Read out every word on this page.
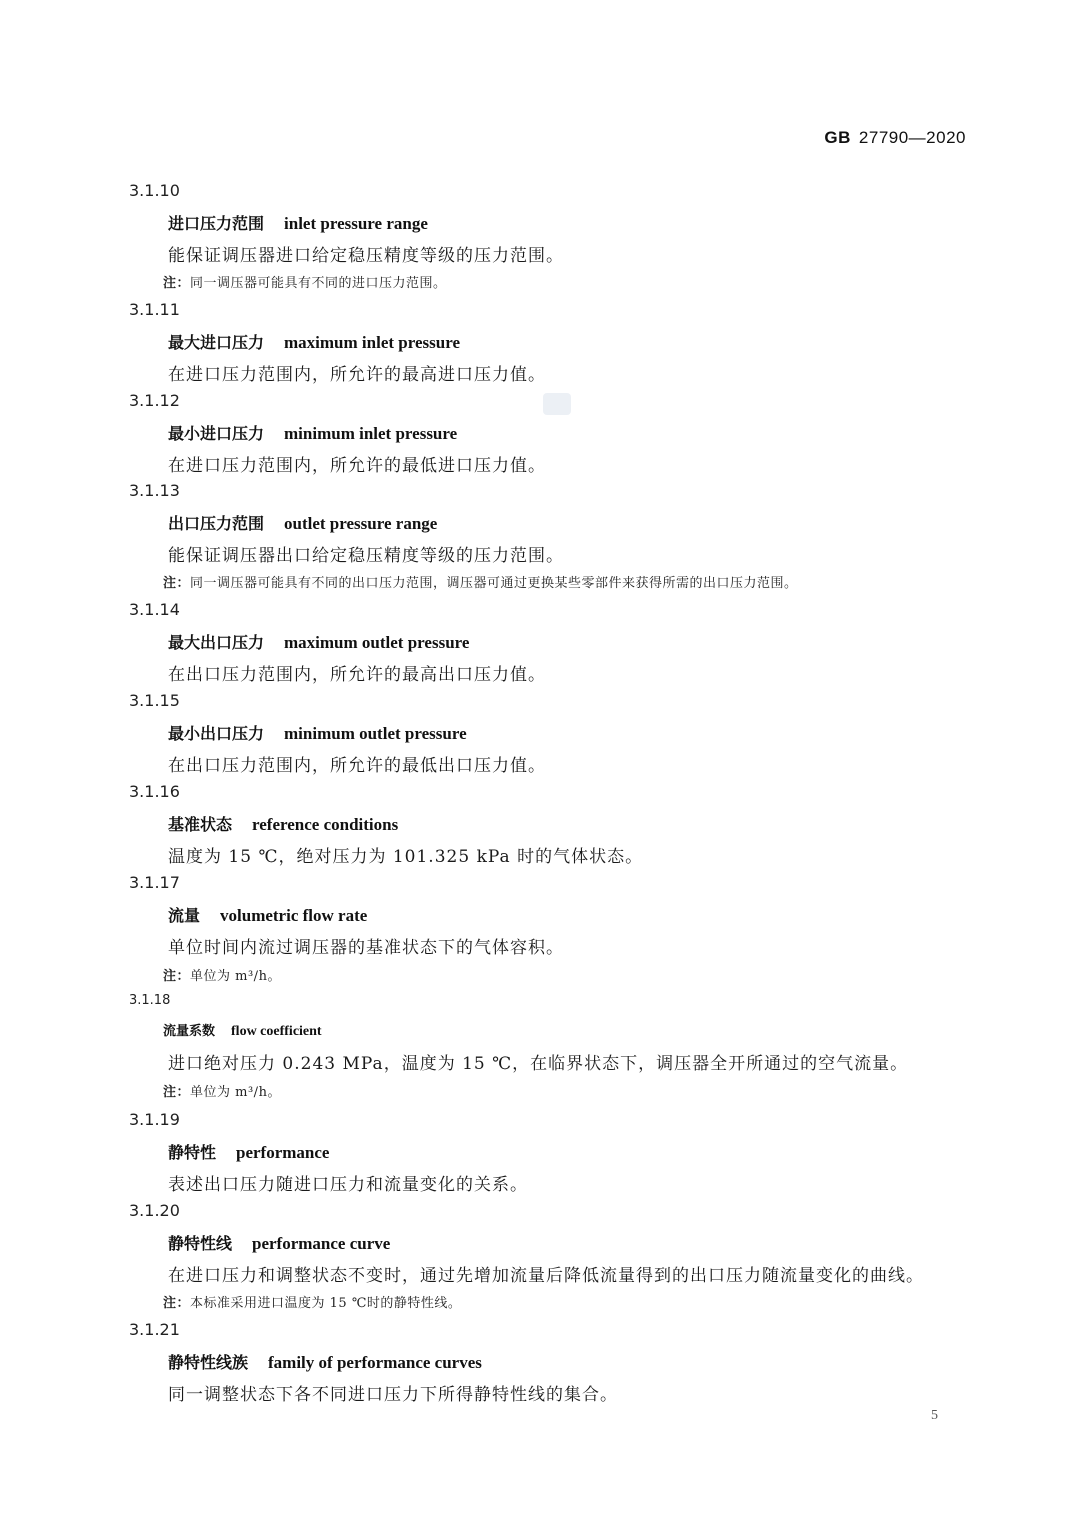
GB 27790—2020
3.1.10
进口压力范围 inlet pressure range
能保证调压器进口给定稳压精度等级的压力范围。
注：同一调压器可能具有不同的进口压力范围。
3.1.11
最大进口压力 maximum inlet pressure
在进口压力范围内，所允许的最高进口压力值。
3.1.12
最小进口压力 minimum inlet pressure
在进口压力范围内，所允许的最低进口压力值。
3.1.13
出口压力范围 outlet pressure range
能保证调压器出口给定稳压精度等级的压力范围。
注：同一调压器可能具有不同的出口压力范围，调压器可通过更换某些零部件来获得所需的出口压力范围。
3.1.14
最大出口压力 maximum outlet pressure
在出口压力范围内，所允许的最高出口压力值。
3.1.15
最小出口压力 minimum outlet pressure
在出口压力范围内，所允许的最低出口压力值。
3.1.16
基准状态 reference conditions
温度为 15 ℃，绝对压力为 101.325 kPa 时的气体状态。
3.1.17
流量 volumetric flow rate
单位时间内流过调压器的基准状态下的气体容积。
注：单位为 m³/h。
3.1.18
流量系数 flow coefficient
进口绝对压力 0.243 MPa，温度为 15 ℃，在临界状态下，调压器全开所通过的空气流量。
注：单位为 m³/h。
3.1.19
静特性 performance
表述出口压力随进口压力和流量变化的关系。
3.1.20
静特性线 performance curve
在进口压力和调整状态不变时，通过先增加流量后降低流量得到的出口压力随流量变化的曲线。
注：本标准采用进口温度为 15 ℃时的静特性线。
3.1.21
静特性线族 family of performance curves
同一调整状态下各不同进口压力下所得静特性线的集合。
5
